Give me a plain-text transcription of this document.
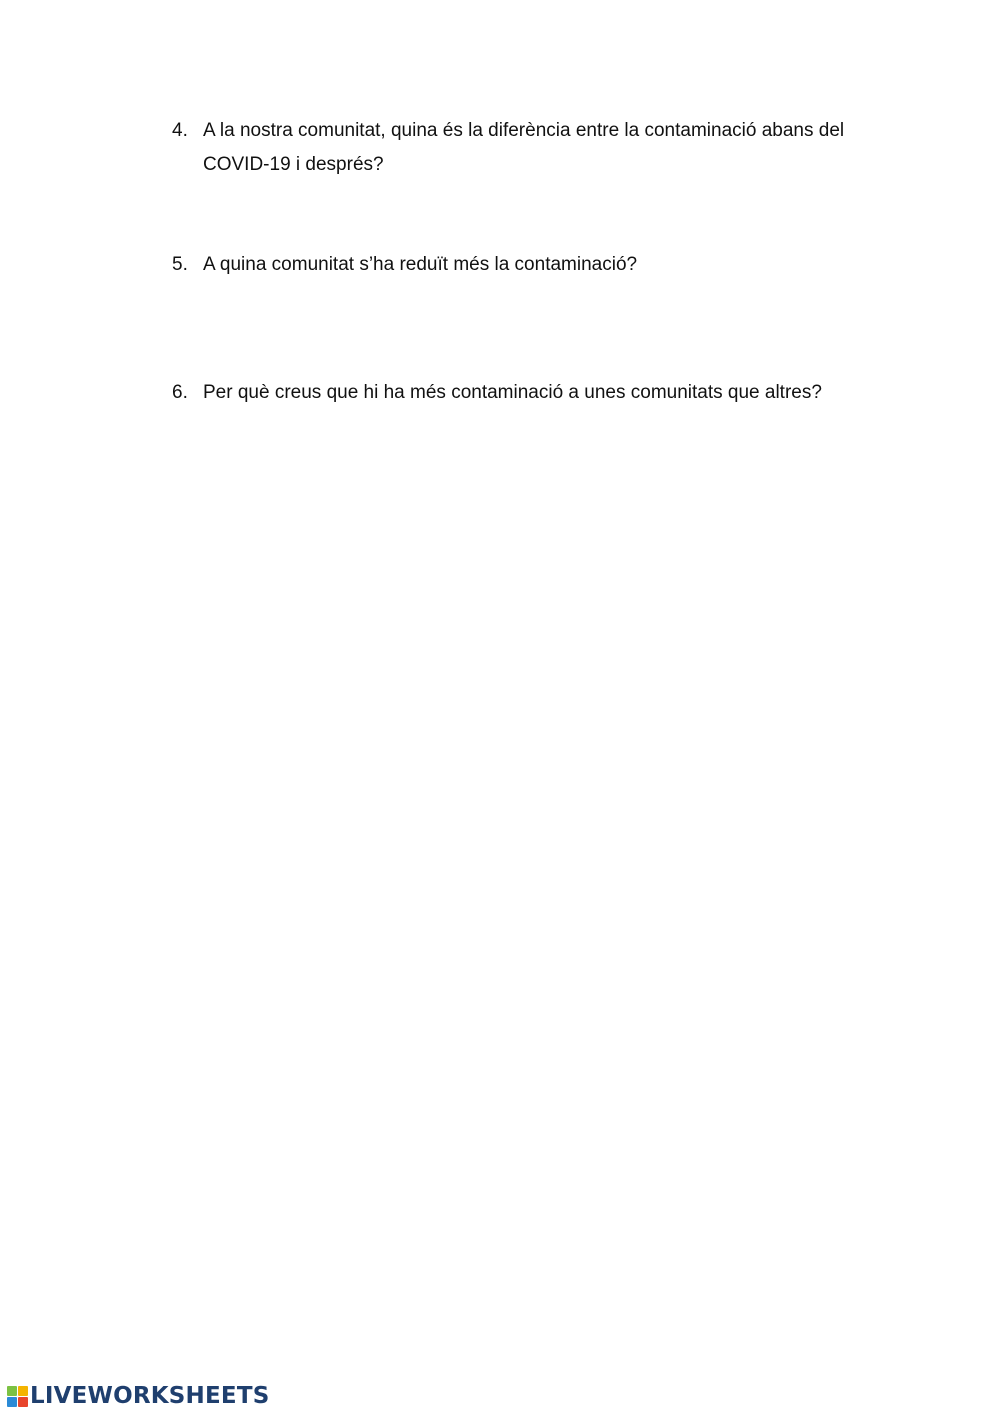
4. A la nostra comunitat, quina és la diferència entre la contaminació abans del COVID-19 i després?
5. A quina comunitat s’ha reduït més la contaminació?
6. Per què creus que hi ha més contaminació a unes comunitats que altres?
LIVEWORKSHEETS
